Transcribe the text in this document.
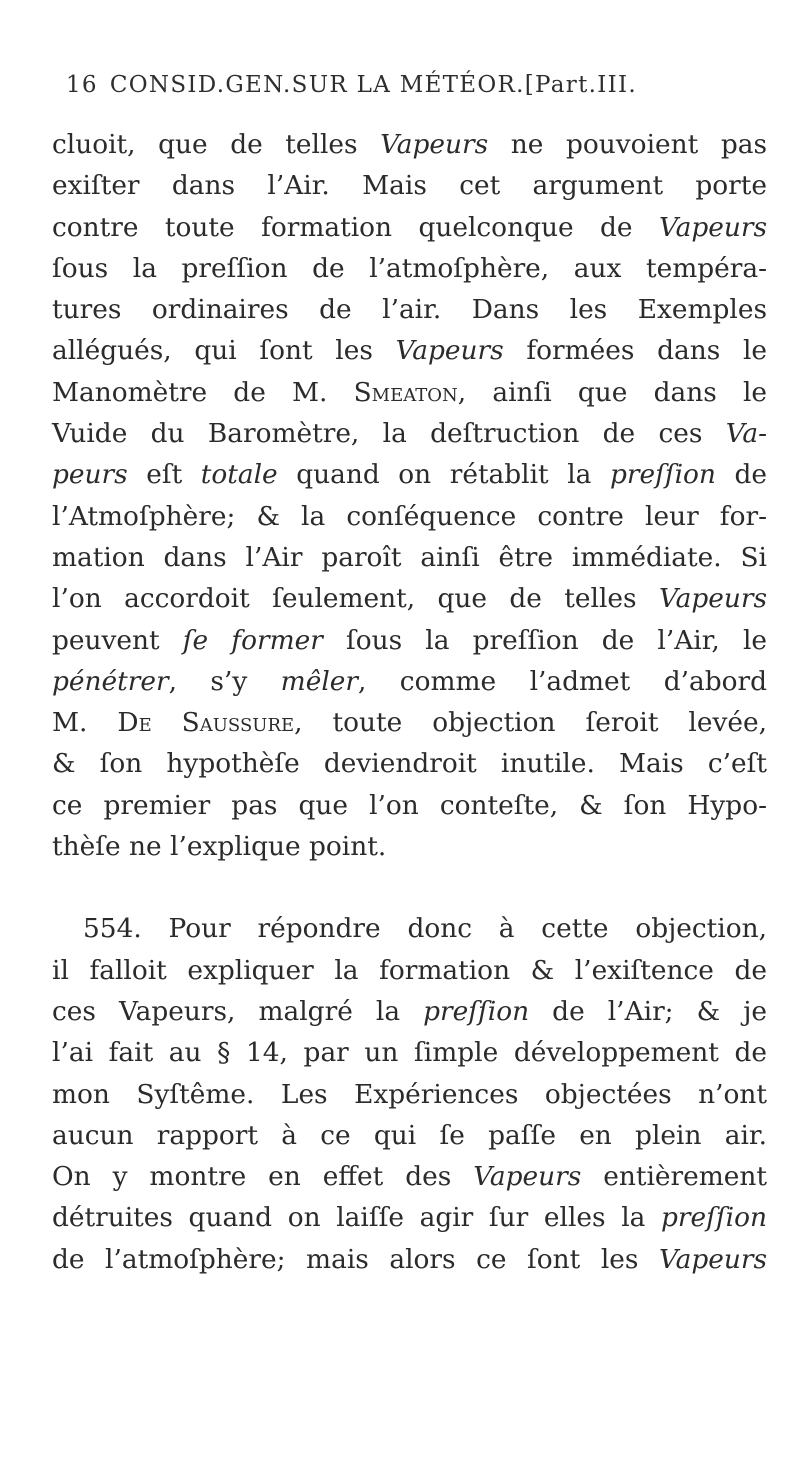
16 CONSID.GEN.SUR LA MÉTÉOR.[Part.III.
cluoit, que de telles Vapeurs ne pouvoient pas
exiſter dans l’Air. Mais cet argument porte
contre toute formation quelconque de Vapeurs
ſous la preſſion de l’atmoſphère, aux tempéra-
tures ordinaires de l’air. Dans les Exemples
allégués, qui ſont les Vapeurs formées dans le
Manomètre de M. Smeaton, ainſi que dans le
Vuide du Baromètre, la deſtruction de ces Va-
peurs eſt totale quand on rétablit la preſſion de
l’Atmoſphère; & la conſéquence contre leur for-
mation dans l’Air paroît ainſi être immédiate. Si
l’on accordoit ſeulement, que de telles Vapeurs
peuvent ſe former ſous la preſſion de l’Air, le
pénétrer, s’y mêler, comme l’admet d’abord
M. De Saussure, toute objection ſeroit levée,
& ſon hypothèſe deviendroit inutile. Mais c’eſt
ce premier pas que l’on conteſte, & ſon Hypo-
thèſe ne l’explique point.
554. Pour répondre donc à cette objection,
il falloit expliquer la formation & l’exiſtence de
ces Vapeurs, malgré la preſſion de l’Air; & je
l’ai fait au § 14, par un ſimple développement de
mon Syſtême. Les Expériences objectées n’ont
aucun rapport à ce qui ſe paſſe en plein air.
On y montre en effet des Vapeurs entièrement
détruites quand on laiſſe agir ſur elles la preſſion
de l’atmoſphère; mais alors ce ſont les Vapeurs
